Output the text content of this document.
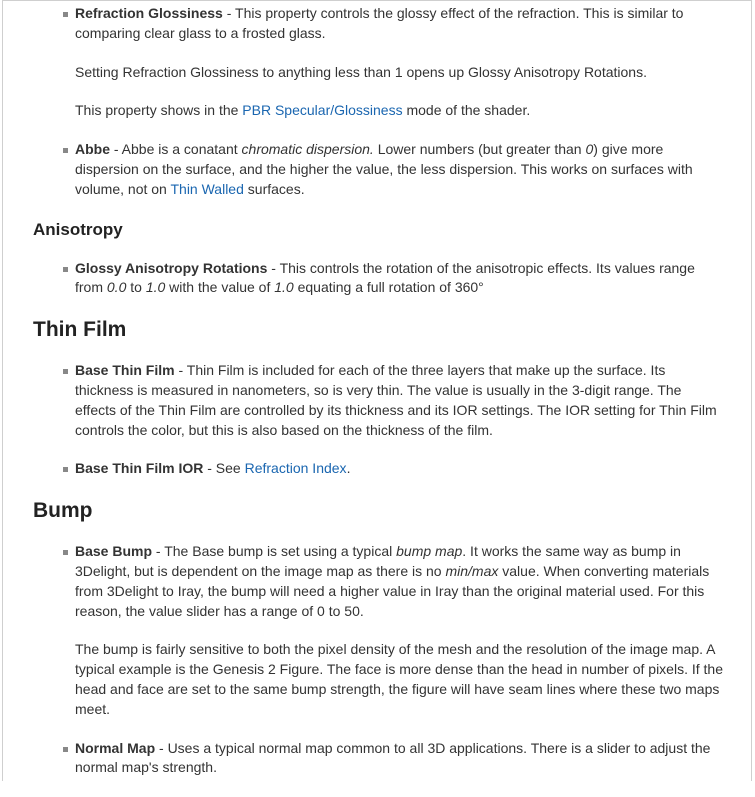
Refraction Glossiness - This property controls the glossy effect of the refraction. This is similar to comparing clear glass to a frosted glass.

Setting Refraction Glossiness to anything less than 1 opens up Glossy Anisotropy Rotations.

This property shows in the PBR Specular/Glossiness mode of the shader.

Abbe - Abbe is a conatant chromatic dispersion. Lower numbers (but greater than 0) give more dispersion on the surface, and the higher the value, the less dispersion. This works on surfaces with volume, not on Thin Walled surfaces.

Anisotropy

Glossy Anisotropy Rotations - This controls the rotation of the anisotropic effects. Its values range from 0.0 to 1.0 with the value of 1.0 equating a full rotation of 360°

Thin Film

Base Thin Film - Thin Film is included for each of the three layers that make up the surface. Its thickness is measured in nanometers, so is very thin. The value is usually in the 3-digit range. The effects of the Thin Film are controlled by its thickness and its IOR settings. The IOR setting for Thin Film controls the color, but this is also based on the thickness of the film.

Base Thin Film IOR - See Refraction Index.

Bump

Base Bump - The Base bump is set using a typical bump map. It works the same way as bump in 3Delight, but is dependent on the image map as there is no min/max value. When converting materials from 3Delight to Iray, the bump will need a higher value in Iray than the original material used. For this reason, the value slider has a range of 0 to 50.

The bump is fairly sensitive to both the pixel density of the mesh and the resolution of the image map. A typical example is the Genesis 2 Figure. The face is more dense than the head in number of pixels. If the head and face are set to the same bump strength, the figure will have seam lines where these two maps meet.

Normal Map - Uses a typical normal map common to all 3D applications. There is a slider to adjust the normal map's strength.
